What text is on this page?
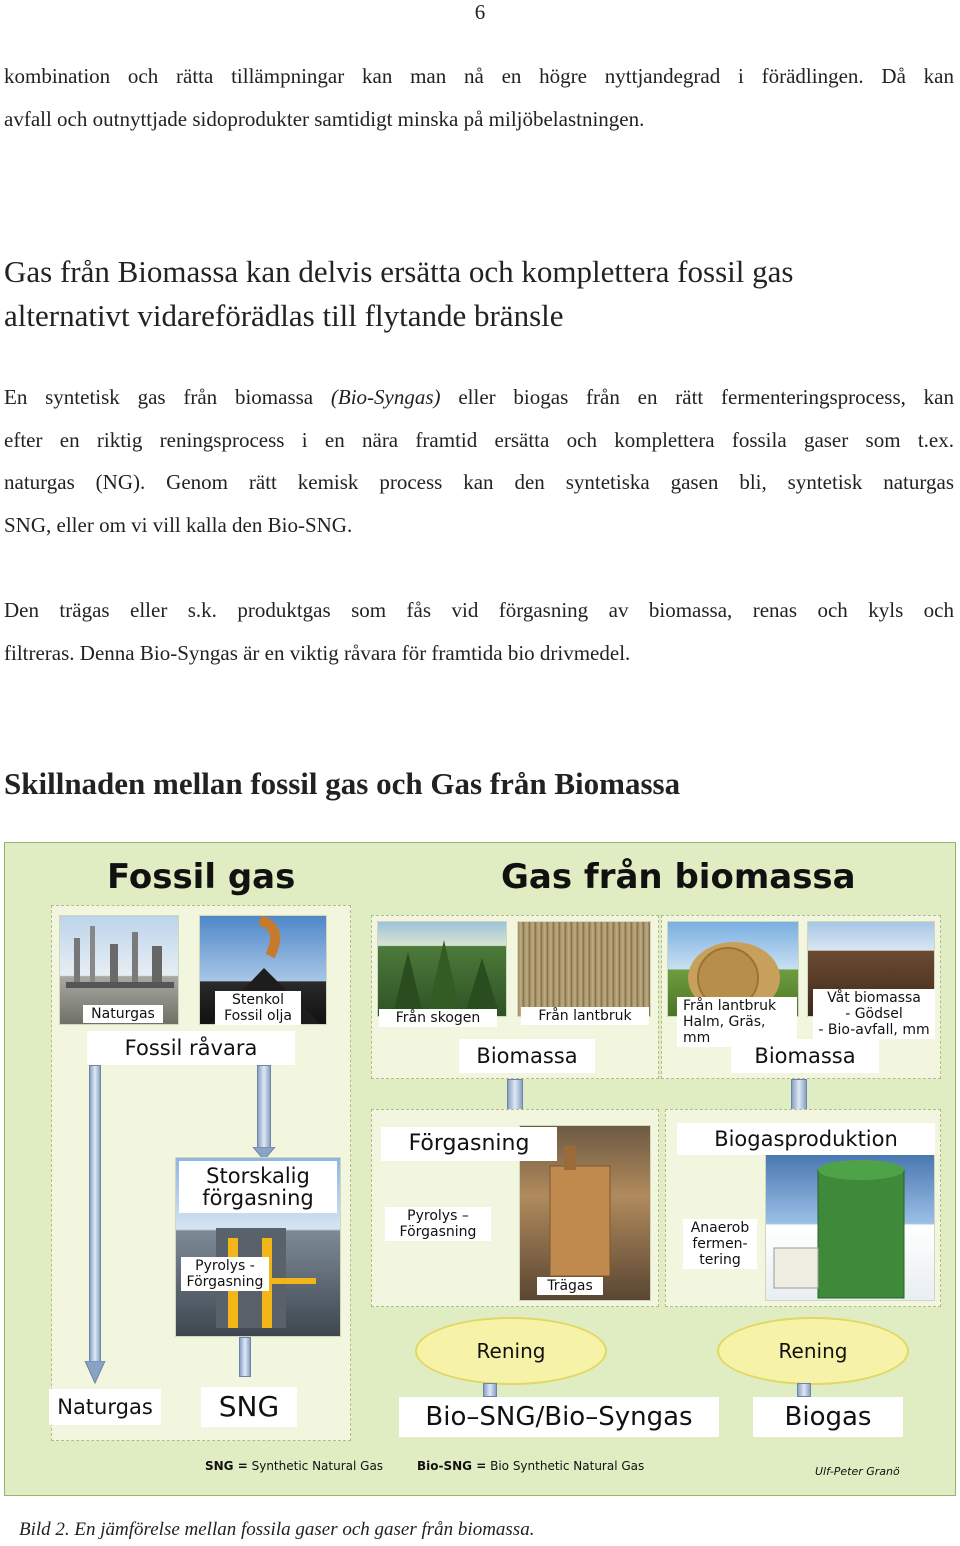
6
kombination och rätta tillämpningar kan man nå en högre nyttjandegrad i förädlingen. Då kan
avfall och outnyttjade sidoprodukter samtidigt minska på miljöbelastningen.
Gas från Biomassa kan delvis ersätta och komplettera fossil gas
alternativt vidareförädlas till flytande bränsle
En syntetisk gas från biomassa (Bio-Syngas) eller biogas från en rätt fermenteringsprocess, kan
efter en riktig reningsprocess i en nära framtid ersätta och komplettera fossila gaser som t.ex.
naturgas (NG). Genom rätt kemisk process kan den syntetiska gasen bli, syntetisk naturgas
SNG, eller om vi vill kalla den Bio-SNG.
Den trägas eller s.k. produktgas som fås vid förgasning av biomassa, renas och kyls och
filtreras. Denna Bio-Syngas är en viktig råvara för framtida bio drivmedel.
Skillnaden mellan fossil gas och Gas från Biomassa
Fossil gas	Gas från biomassa
Naturgas
Stenkol
Fossil olja
Fossil råvara
Storskalig
förgasning
Pyrolys -
Förgasning
Naturgas	SNG
Från skogen	Från lantbruk
Från lantbruk
Halm, Gräs, mm
Våt biomassa
- Gödsel
- Bio-avfall, mm
Biomassa	Biomassa
Förgasning
Pyrolys –
Förgasning
Trägas
Biogasproduktion
Anaerob
fermen-
tering
Rening	Rening
Bio–SNG/Bio–Syngas	Biogas
SNG = Synthetic Natural Gas	Bio-SNG = Bio Synthetic Natural Gas	Ulf-Peter Granö
Bild 2. En jämförelse mellan fossila gaser och gaser från biomassa.
